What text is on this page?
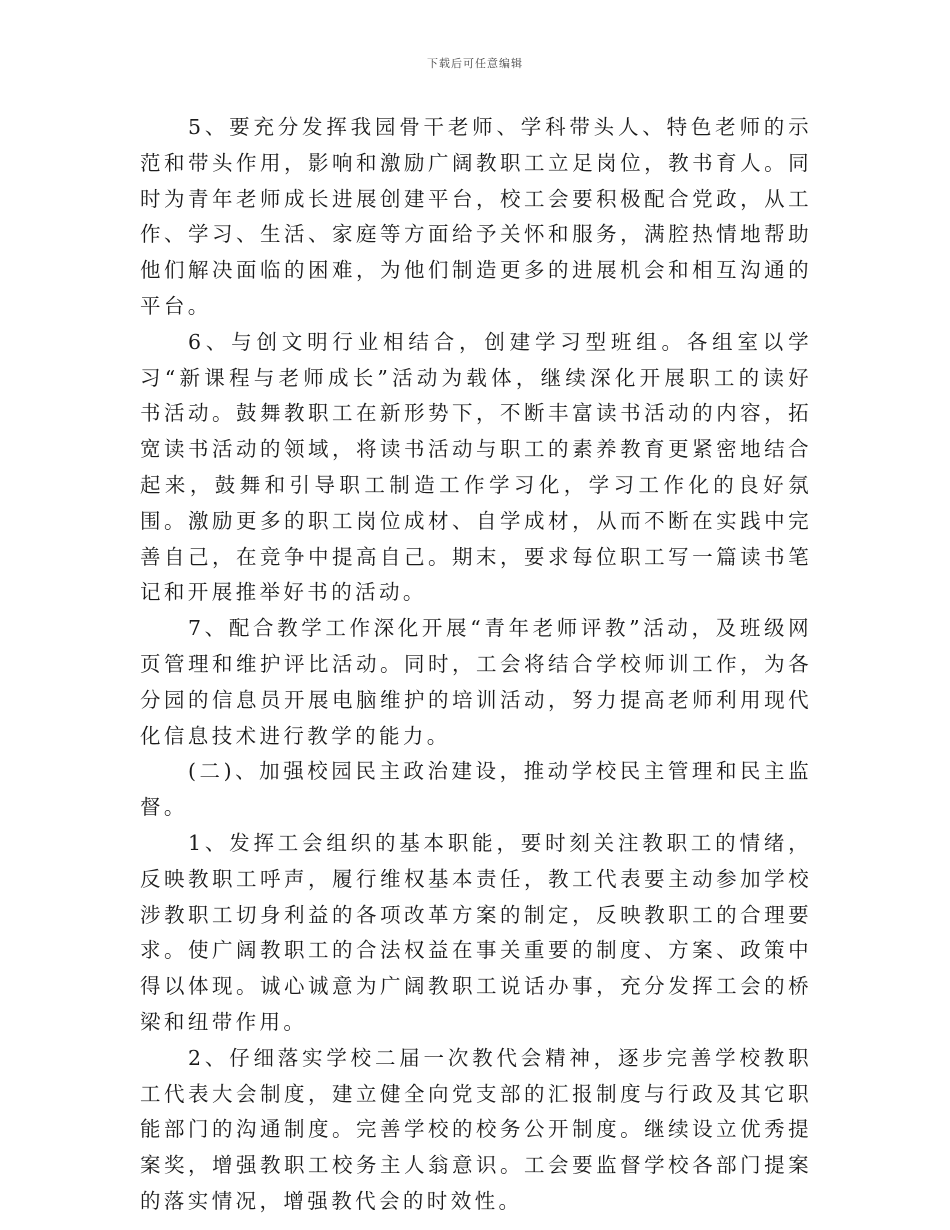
下载后可任意编辑

5、要充分发挥我园骨干老师、学科带头人、特色老师的示范和带头作用，影响和激励广阔教职工立足岗位，教书育人。同时为青年老师成长进展创建平台，校工会要积极配合党政，从工作、学习、生活、家庭等方面给予关怀和服务，满腔热情地帮助他们解决面临的困难，为他们制造更多的进展机会和相互沟通的平台。

6、与创文明行业相结合，创建学习型班组。各组室以学习“新课程与老师成长”活动为载体，继续深化开展职工的读好书活动。鼓舞教职工在新形势下，不断丰富读书活动的内容，拓宽读书活动的领域，将读书活动与职工的素养教育更紧密地结合起来，鼓舞和引导职工制造工作学习化，学习工作化的良好氛围。激励更多的职工岗位成材、自学成材，从而不断在实践中完善自己，在竞争中提高自己。期末，要求每位职工写一篇读书笔记和开展推举好书的活动。

7、配合教学工作深化开展“青年老师评教”活动，及班级网页管理和维护评比活动。同时，工会将结合学校师训工作，为各分园的信息员开展电脑维护的培训活动，努力提高老师利用现代化信息技术进行教学的能力。

(二)、加强校园民主政治建设，推动学校民主管理和民主监督。

1、发挥工会组织的基本职能，要时刻关注教职工的情绪，反映教职工呼声，履行维权基本责任，教工代表要主动参加学校涉教职工切身利益的各项改革方案的制定，反映教职工的合理要求。使广阔教职工的合法权益在事关重要的制度、方案、政策中得以体现。诚心诚意为广阔教职工说话办事，充分发挥工会的桥梁和纽带作用。

2、仔细落实学校二届一次教代会精神，逐步完善学校教职工代表大会制度，建立健全向党支部的汇报制度与行政及其它职能部门的沟通制度。完善学校的校务公开制度。继续设立优秀提案奖，增强教职工校务主人翁意识。工会要监督学校各部门提案的落实情况，增强教代会的时效性。
